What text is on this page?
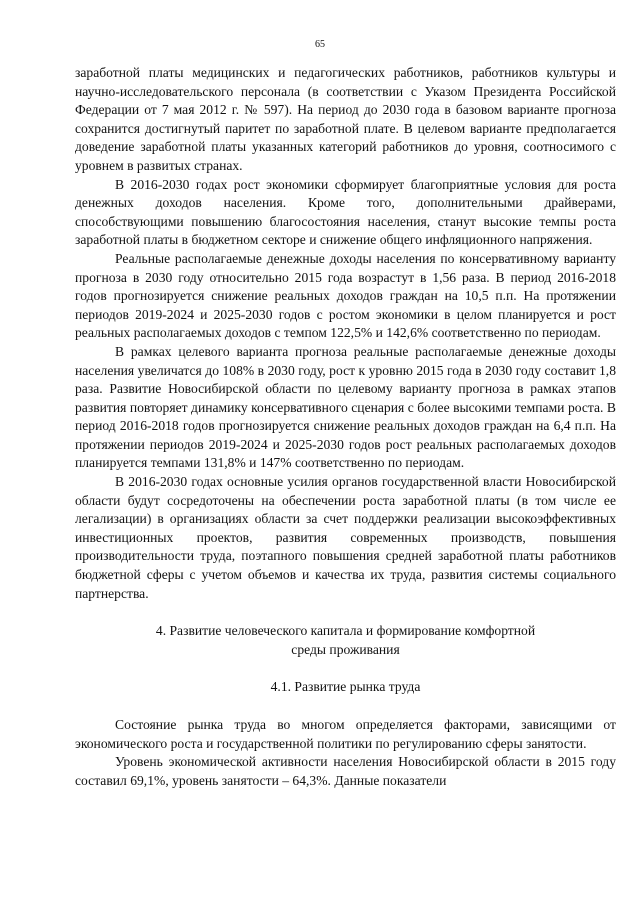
65

заработной платы медицинских и педагогических работников, работников культуры и научно-исследовательского персонала (в соответствии с Указом Президента Российской Федерации от 7 мая 2012 г. № 597). На период до 2030 года в базовом варианте прогноза сохранится достигнутый паритет по заработной плате. В целевом варианте предполагается доведение заработной платы указанных категорий работников до уровня, соотносимого с уровнем в развитых странах.

В 2016-2030 годах рост экономики сформирует благоприятные условия для роста денежных доходов населения. Кроме того, дополнительными драйверами, способствующими повышению благосостояния населения, станут высокие темпы роста заработной платы в бюджетном секторе и снижение общего инфляционного напряжения.

Реальные располагаемые денежные доходы населения по консервативному варианту прогноза в 2030 году относительно 2015 года возрастут в 1,56 раза. В период 2016-2018 годов прогнозируется снижение реальных доходов граждан на 10,5 п.п. На протяжении периодов 2019-2024 и 2025-2030 годов с ростом экономики в целом планируется и рост реальных располагаемых доходов с темпом 122,5% и 142,6% соответственно по периодам.

В рамках целевого варианта прогноза реальные располагаемые денежные доходы населения увеличатся до 108% в 2030 году, рост к уровню 2015 года в 2030 году составит 1,8 раза. Развитие Новосибирской области по целевому варианту прогноза в рамках этапов развития повторяет динамику консервативного сценария с более высокими темпами роста. В период 2016-2018 годов прогнозируется снижение реальных доходов граждан на 6,4 п.п. На протяжении периодов 2019-2024 и 2025-2030 годов рост реальных располагаемых доходов планируется темпами 131,8% и 147% соответственно по периодам.

В 2016-2030 годах основные усилия органов государственной власти Новосибирской области будут сосредоточены на обеспечении роста заработной платы (в том числе ее легализации) в организациях области за счет поддержки реализации высокоэффективных инвестиционных проектов, развития современных производств, повышения производительности труда, поэтапного повышения средней заработной платы работников бюджетной сферы с учетом объемов и качества их труда, развития системы социального партнерства.

4. Развитие человеческого капитала и формирование комфортной
среды проживания
4.1. Развитие рынка труда

Состояние рынка труда во многом определяется факторами, зависящими от экономического роста и государственной политики по регулированию сферы занятости.

Уровень экономической активности населения Новосибирской области в 2015 году составил 69,1%, уровень занятости – 64,3%. Данные показатели
